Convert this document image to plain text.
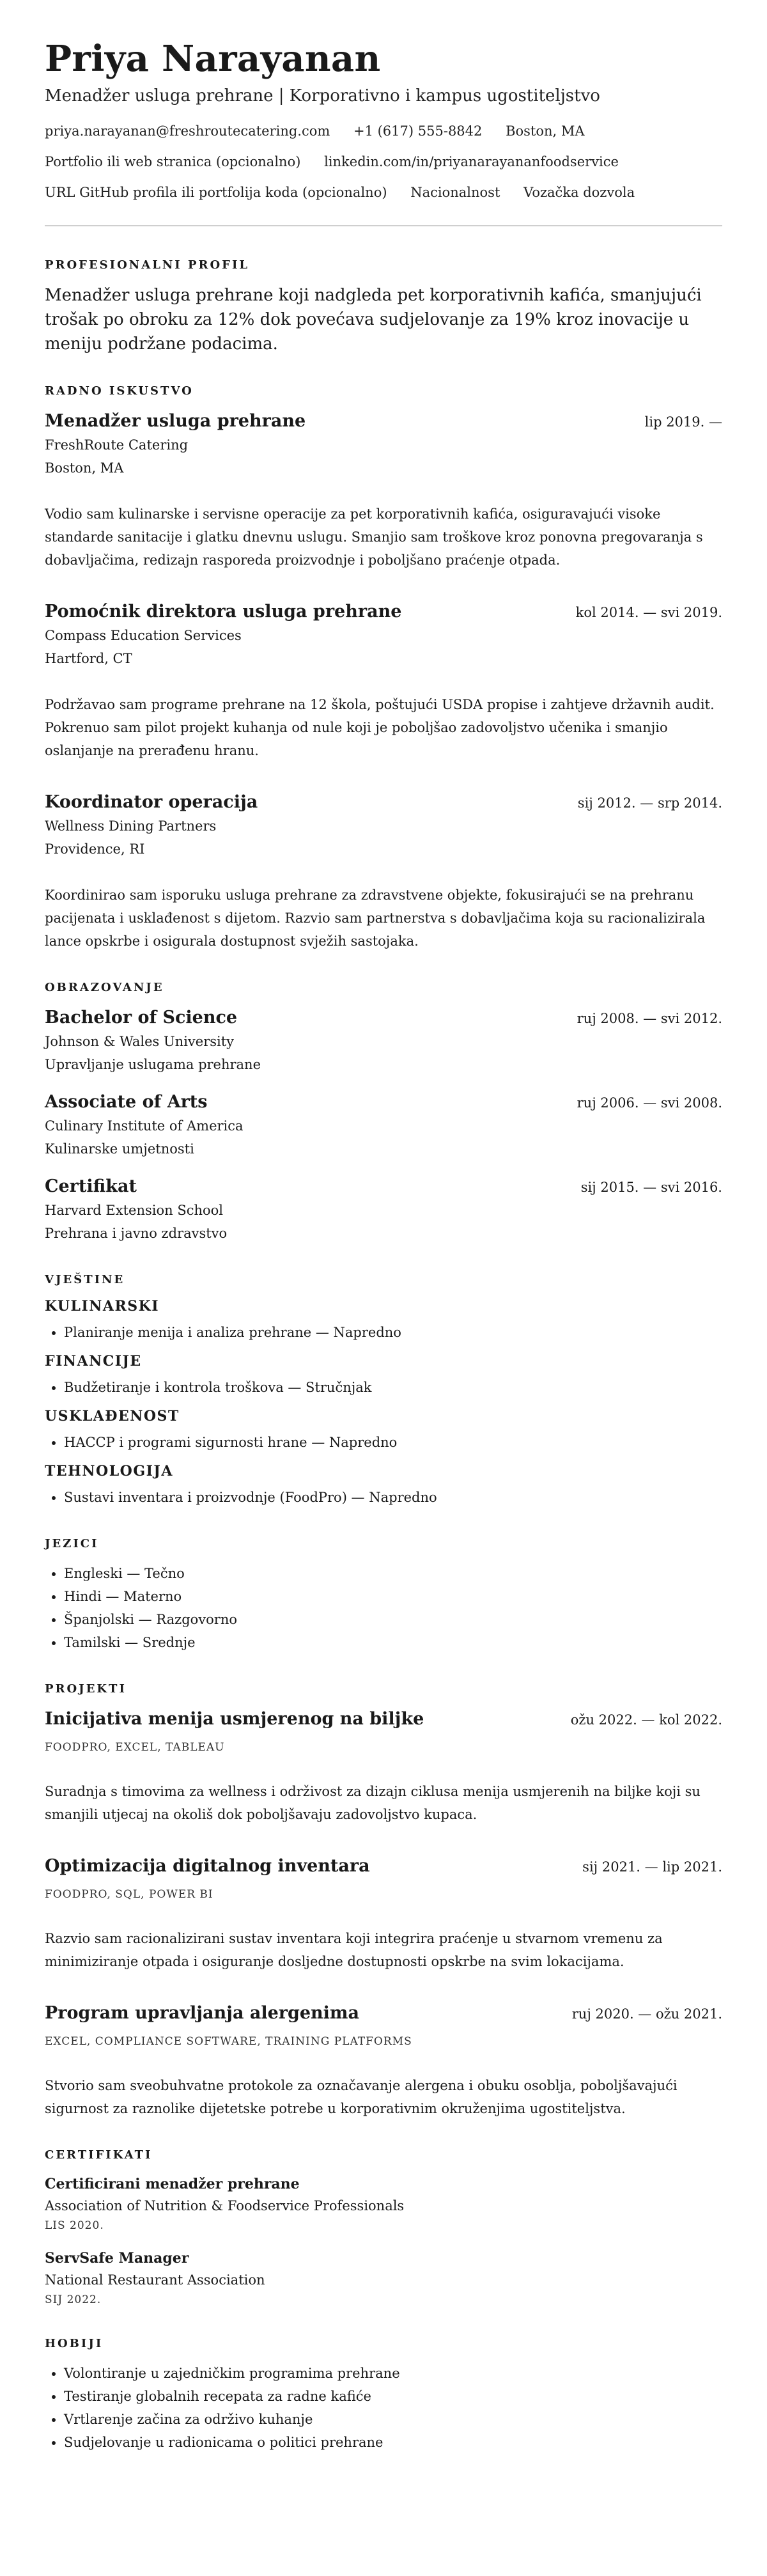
Priya Narayanan
Menadžer usluga prehrane | Korporativno i kampus ugostiteljstvo
priya.narayanan@freshroutecatering.com +1 (617) 555-8842 Boston, MA
Portfolio ili web stranica (opcionalno) linkedin.com/in/priyanarayananfoodservice
URL GitHub profila ili portfolija koda (opcionalno) Nacionalnost Vozačka dozvola
PROFESIONALNI PROFIL

Menadžer usluga prehrane koji nadgleda pet korporativnih kafića, smanjujući trošak po obroku za 12% dok povećava sudjelovanje za 19% kroz inovacije u meniju podržane podacima.

RADNO ISKUSTVO
Menadžer usluga prehrane	lip 2019. —
FreshRoute Catering
Boston, MA

Vodio sam kulinarske i servisne operacije za pet korporativnih kafića, osiguravajući visoke standarde sanitacije i glatku dnevnu uslugu. Smanjio sam troškove kroz ponovna pregovaranja s dobavljačima, redizajn rasporeda proizvodnje i poboljšano praćenje otpada.

Pomoćnik direktora usluga prehrane	kol 2014. — svi 2019.
Compass Education Services
Hartford, CT

Podržavao sam programe prehrane na 12 škola, poštujući USDA propise i zahtjeve državnih audit. Pokrenuo sam pilot projekt kuhanja od nule koji je poboljšao zadovoljstvo učenika i smanjio oslanjanje na prerađenu hranu.

Koordinator operacija	sij 2012. — srp 2014.
Wellness Dining Partners
Providence, RI

Koordinirao sam isporuku usluga prehrane za zdravstvene objekte, fokusirajući se na prehranu pacijenata i usklađenost s dijetom. Razvio sam partnerstva s dobavljačima koja su racionalizirala lance opskrbe i osigurala dostupnost svježih sastojaka.

OBRAZOVANJE
Bachelor of Science	ruj 2008. — svi 2012.
Johnson & Wales University
Upravljanje uslugama prehrane
Associate of Arts	ruj 2006. — svi 2008.
Culinary Institute of America
Kulinarske umjetnosti
Certifikat	sij 2015. — svi 2016.
Harvard Extension School
Prehrana i javno zdravstvo
VJEŠTINE
KULINARSKI
• Planiranje menija i analiza prehrane — Napredno
FINANCIJE
• Budžetiranje i kontrola troškova — Stručnjak
USKLAĐENOST
• HACCP i programi sigurnosti hrane — Napredno
TEHNOLOGIJA
• Sustavi inventara i proizvodnje (FoodPro) — Napredno
JEZICI
• Engleski — Tečno
• Hindi — Materno
• Španjolski — Razgovorno
• Tamilski — Srednje
PROJEKTI
Inicijativa menija usmjerenog na biljke	ožu 2022. — kol 2022.
FOODPRO, EXCEL, TABLEAU

Suradnja s timovima za wellness i održivost za dizajn ciklusa menija usmjerenih na biljke koji su smanjili utjecaj na okoliš dok poboljšavaju zadovoljstvo kupaca.

Optimizacija digitalnog inventara	sij 2021. — lip 2021.
FOODPRO, SQL, POWER BI

Razvio sam racionalizirani sustav inventara koji integrira praćenje u stvarnom vremenu za minimiziranje otpada i osiguranje dosljedne dostupnosti opskrbe na svim lokacijama.

Program upravljanja alergenima	ruj 2020. — ožu 2021.
EXCEL, COMPLIANCE SOFTWARE, TRAINING PLATFORMS

Stvorio sam sveobuhvatne protokole za označavanje alergena i obuku osoblja, poboljšavajući sigurnost za raznolike dijetetske potrebe u korporativnim okruženjima ugostiteljstva.

CERTIFIKATI
Certificirani menadžer prehrane
Association of Nutrition & Foodservice Professionals
LIS 2020.
ServSafe Manager
National Restaurant Association
SIJ 2022.
HOBIJI
• Volontiranje u zajedničkim programima prehrane
• Testiranje globalnih recepata za radne kafiće
• Vrtlarenje začina za održivo kuhanje
• Sudjelovanje u radionicama o politici prehrane
